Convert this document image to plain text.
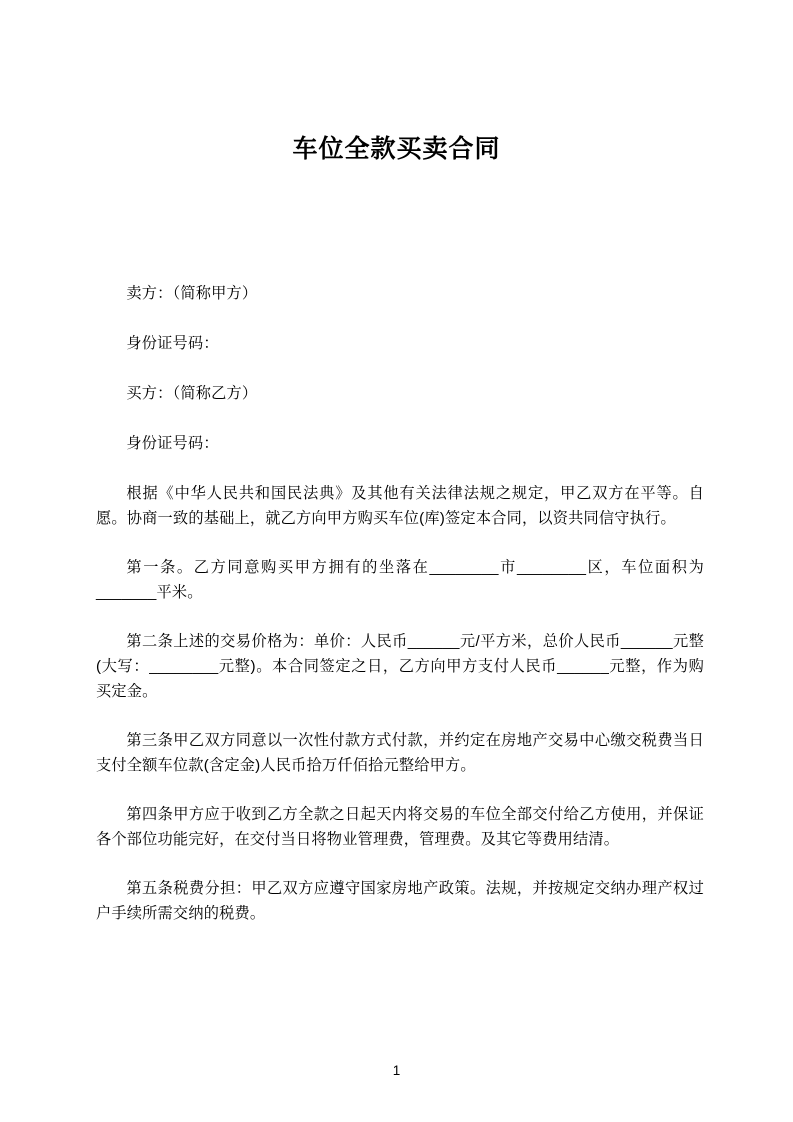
车位全款买卖合同

卖方：（简称甲方）

身份证号码：

买方：（简称乙方）

身份证号码：

根据《中华人民共和国民法典》及其他有关法律法规之规定，甲乙双方在平等。自愿。协商一致的基础上，就乙方向甲方购买车位(库)签定本合同，以资共同信守执行。

第一条。乙方同意购买甲方拥有的坐落在________市________区，车位面积为_______平米。

第二条上述的交易价格为：单价：人民币______元/平方米，总价人民币______元整(大写：________元整)。本合同签定之日，乙方向甲方支付人民币______元整，作为购买定金。

第三条甲乙双方同意以一次性付款方式付款，并约定在房地产交易中心缴交税费当日支付全额车位款(含定金)人民币拾万仟佰拾元整给甲方。

第四条甲方应于收到乙方全款之日起天内将交易的车位全部交付给乙方使用，并保证各个部位功能完好，在交付当日将物业管理费，管理费。及其它等费用结清。

第五条税费分担：甲乙双方应遵守国家房地产政策。法规，并按规定交纳办理产权过户手续所需交纳的税费。

1
